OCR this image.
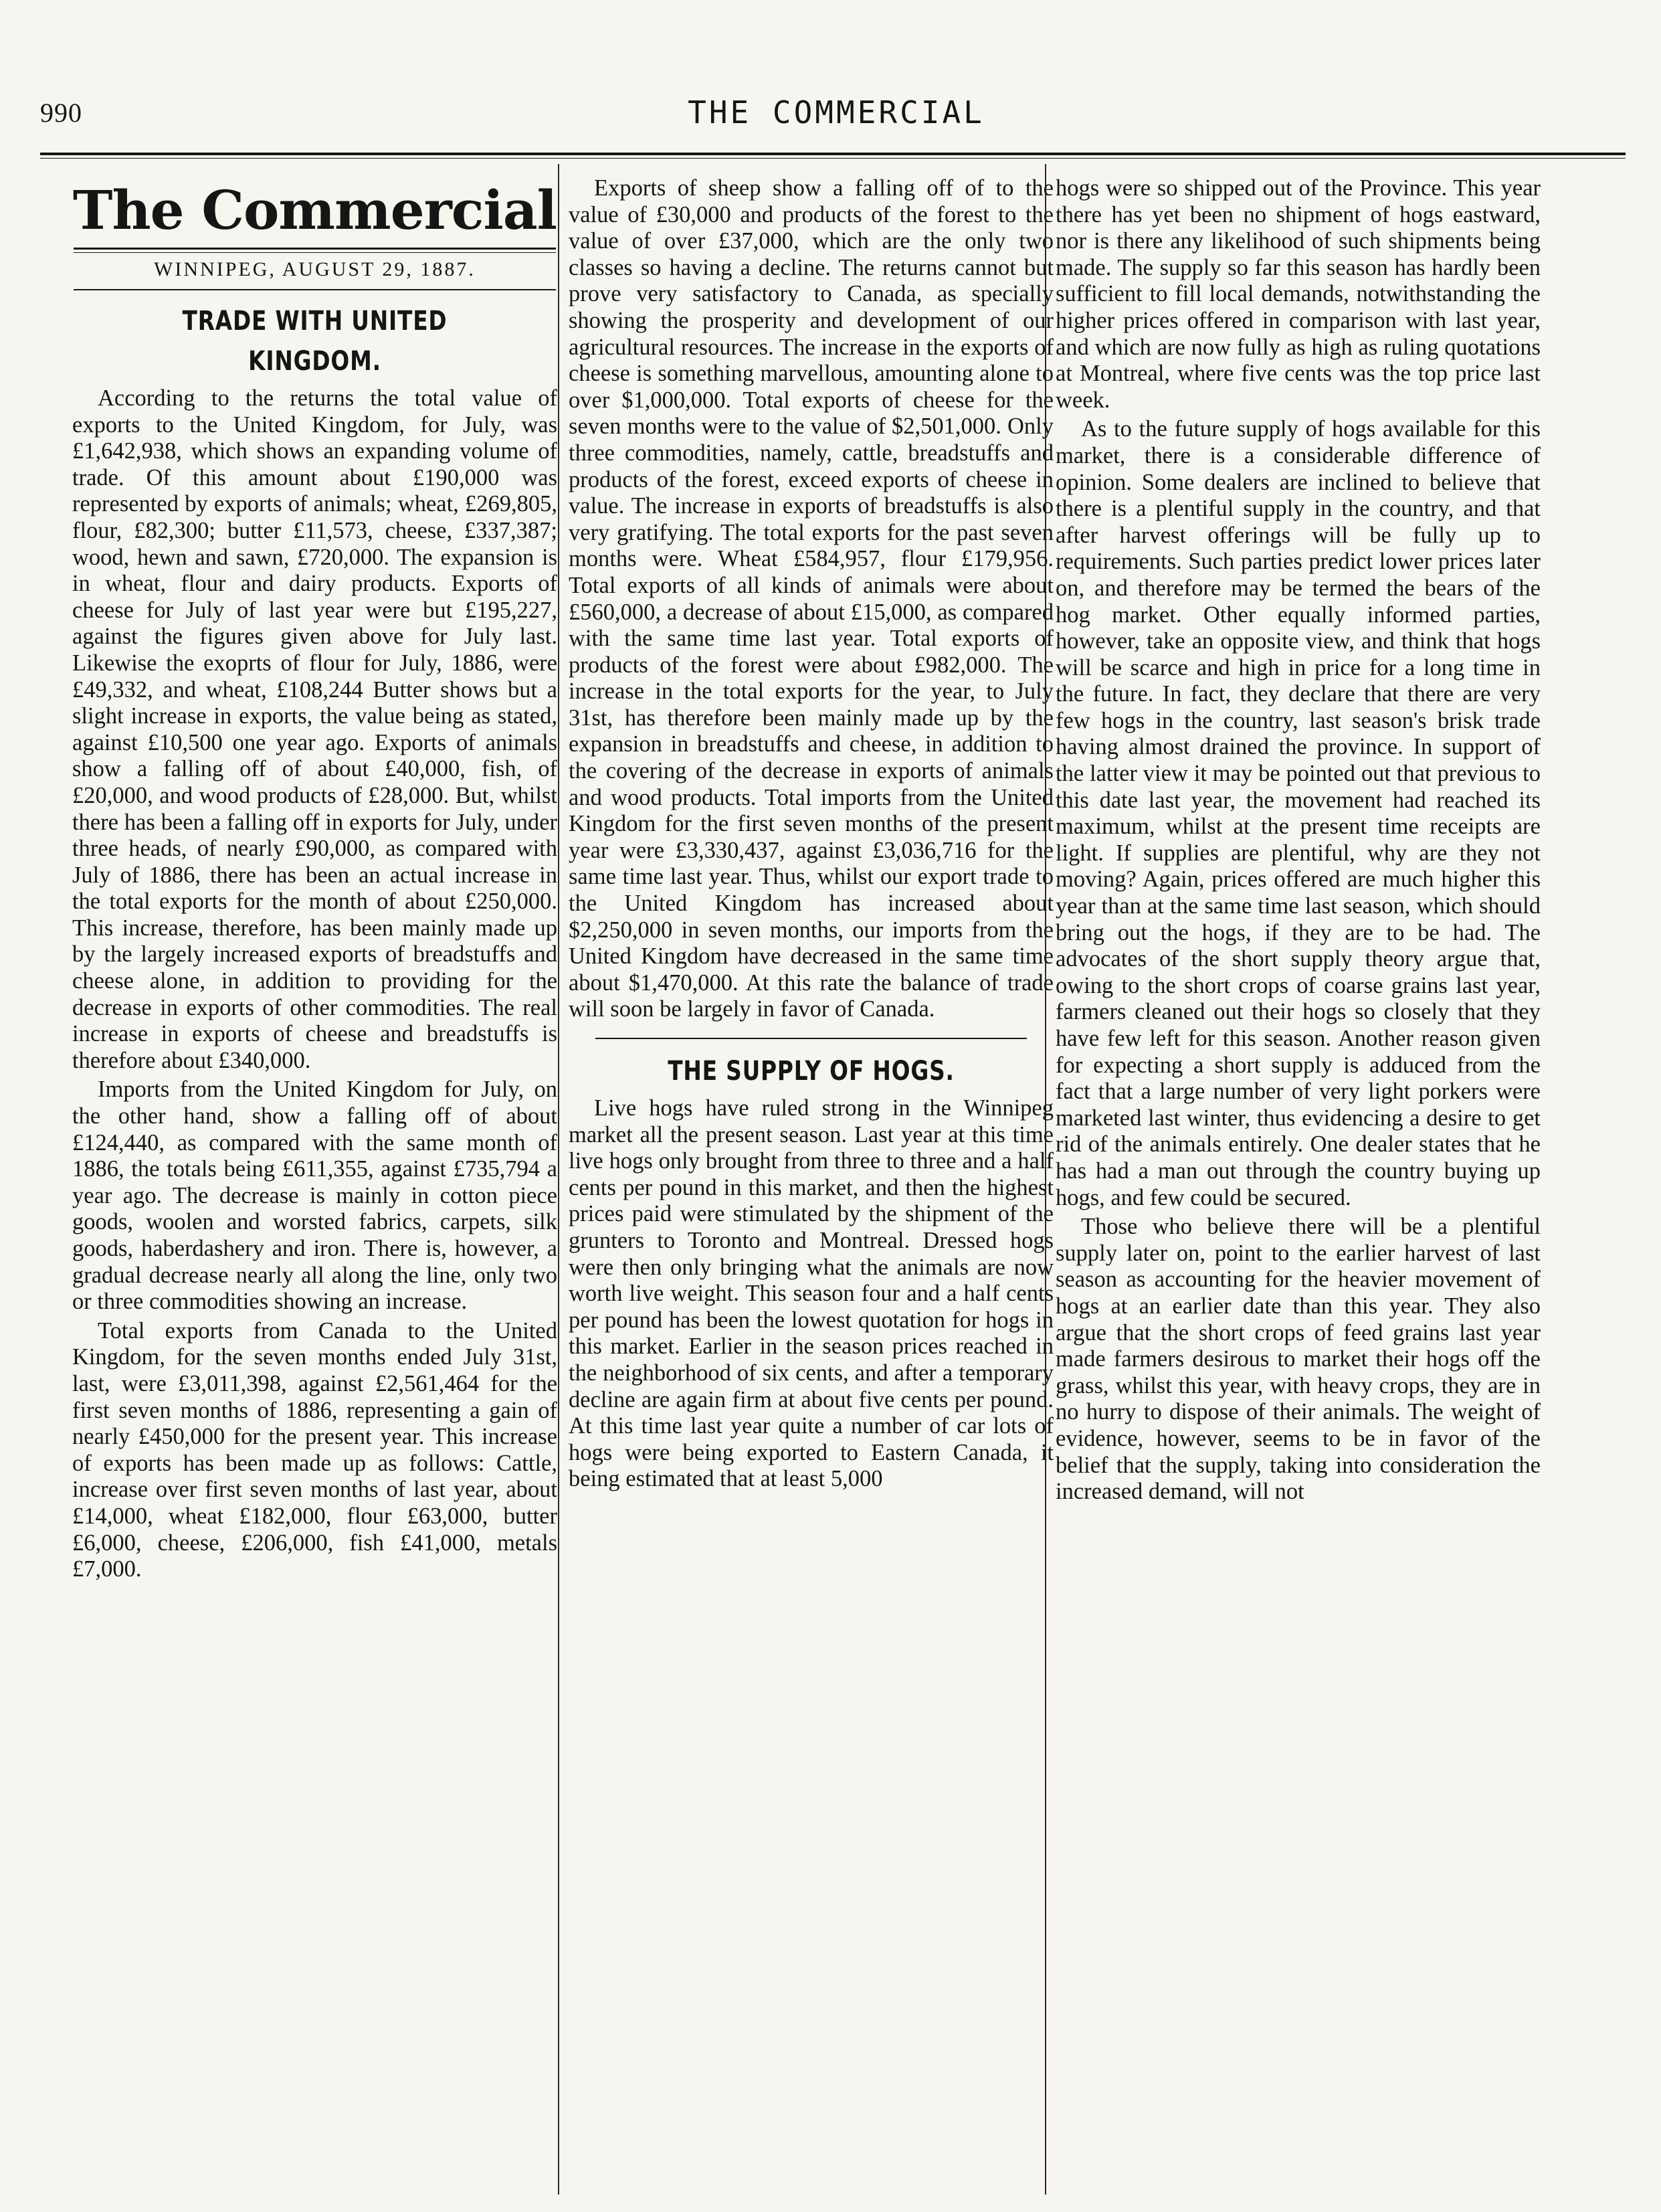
990	THE COMMERCIAL
The Commercial
WINNIPEG, AUGUST 29, 1887.
TRADE WITH UNITED KINGDOM.

According to the returns the total value of exports to the United Kingdom, for July, was £1,642,938, which shows an expanding volume of trade. Of this amount about £190,000 was represented by exports of animals; wheat, £269,805, flour, £82,300; butter £11,573, cheese, £337,387; wood, hewn and sawn, £720,000. The expansion is in wheat, flour and dairy products. Exports of cheese for July of last year were but £195,227, against the figures given above for July last. Likewise the exoprts of flour for July, 1886, were £49,332, and wheat, £108,244 Butter shows but a slight increase in exports, the value being as stated, against £10,500 one year ago. Exports of animals show a falling off of about £40,000, fish, of £20,000, and wood products of £28,000. But, whilst there has been a falling off in exports for July, under three heads, of nearly £90,000, as compared with July of 1886, there has been an actual increase in the total exports for the month of about £250,000. This increase, therefore, has been mainly made up by the largely increased exports of breadstuffs and cheese alone, in addition to providing for the decrease in exports of other commodities. The real increase in exports of cheese and breadstuffs is therefore about £340,000.

Imports from the United Kingdom for July, on the other hand, show a falling off of about £124,440, as compared with the same month of 1886, the totals being £611,355, against £735,794 a year ago. The decrease is mainly in cotton piece goods, woolen and worsted fabrics, carpets, silk goods, haberdashery and iron. There is, however, a gradual decrease nearly all along the line, only two or three commodities showing an increase.

Total exports from Canada to the United Kingdom, for the seven months ended July 31st, last, were £3,011,398, against £2,561,464 for the first seven months of 1886, representing a gain of nearly £450,000 for the present year. This increase of exports has been made up as follows: Cattle, increase over first seven months of last year, about £14,000, wheat £182,000, flour £63,000, butter £6,000, cheese, £206,000, fish £41,000, metals £7,000.

Exports of sheep show a falling off of to the value of £30,000 and products of the forest to the value of over £37,000, which are the only two classes so having a decline. The returns cannot but prove very satisfactory to Canada, as specially showing the prosperity and development of our agricultural resources. The increase in the exports of cheese is something marvellous, amounting alone to over $1,000,000. Total exports of cheese for the seven months were to the value of $2,501,000. Only three commodities, namely, cattle, breadstuffs and products of the forest, exceed exports of cheese in value. The increase in exports of breadstuffs is also very gratifying. The total exports for the past seven months were. Wheat £584,957, flour £179,956. Total exports of all kinds of animals were about £560,000, a decrease of about £15,000, as compared with the same time last year. Total exports of products of the forest were about £982,000. The increase in the total exports for the year, to July 31st, has therefore been mainly made up by the expansion in breadstuffs and cheese, in addition to the covering of the decrease in exports of animals and wood products. Total imports from the United Kingdom for the first seven months of the present year were £3,330,437, against £3,036,716 for the same time last year. Thus, whilst our export trade to the United Kingdom has increased about $2,250,000 in seven months, our imports from the United Kingdom have decreased in the same time about $1,470,000. At this rate the balance of trade will soon be largely in favor of Canada.

THE SUPPLY OF HOGS.

Live hogs have ruled strong in the Winnipeg market all the present season. Last year at this time live hogs only brought from three to three and a half cents per pound in this market, and then the highest prices paid were stimulated by the shipment of the grunters to Toronto and Montreal. Dressed hogs were then only bringing what the animals are now worth live weight. This season four and a half cents per pound has been the lowest quotation for hogs in this market. Earlier in the season prices reached in the neighborhood of six cents, and after a temporary decline are again firm at about five cents per pound. At this time last year quite a number of car lots of hogs were being exported to Eastern Canada, it being estimated that at least 5,000

hogs were so shipped out of the Province. This year there has yet been no shipment of hogs eastward, nor is there any likelihood of such shipments being made. The supply so far this season has hardly been sufficient to fill local demands, notwithstanding the higher prices offered in comparison with last year, and which are now fully as high as ruling quotations at Montreal, where five cents was the top price last week.

As to the future supply of hogs available for this market, there is a considerable difference of opinion. Some dealers are inclined to believe that there is a plentiful supply in the country, and that after harvest offerings will be fully up to requirements. Such parties predict lower prices later on, and therefore may be termed the bears of the hog market. Other equally informed parties, however, take an opposite view, and think that hogs will be scarce and high in price for a long time in the future. In fact, they declare that there are very few hogs in the country, last season's brisk trade having almost drained the province. In support of the latter view it may be pointed out that previous to this date last year, the movement had reached its maximum, whilst at the present time receipts are light. If supplies are plentiful, why are they not moving? Again, prices offered are much higher this year than at the same time last season, which should bring out the hogs, if they are to be had. The advocates of the short supply theory argue that, owing to the short crops of coarse grains last year, farmers cleaned out their hogs so closely that they have few left for this season. Another reason given for expecting a short supply is adduced from the fact that a large number of very light porkers were marketed last winter, thus evidencing a desire to get rid of the animals entirely. One dealer states that he has had a man out through the country buying up hogs, and few could be secured.

Those who believe there will be a plentiful supply later on, point to the earlier harvest of last season as accounting for the heavier movement of hogs at an earlier date than this year. They also argue that the short crops of feed grains last year made farmers desirous to market their hogs off the grass, whilst this year, with heavy crops, they are in no hurry to dispose of their animals. The weight of evidence, however, seems to be in favor of the belief that the supply, taking into consideration the increased demand, will not
